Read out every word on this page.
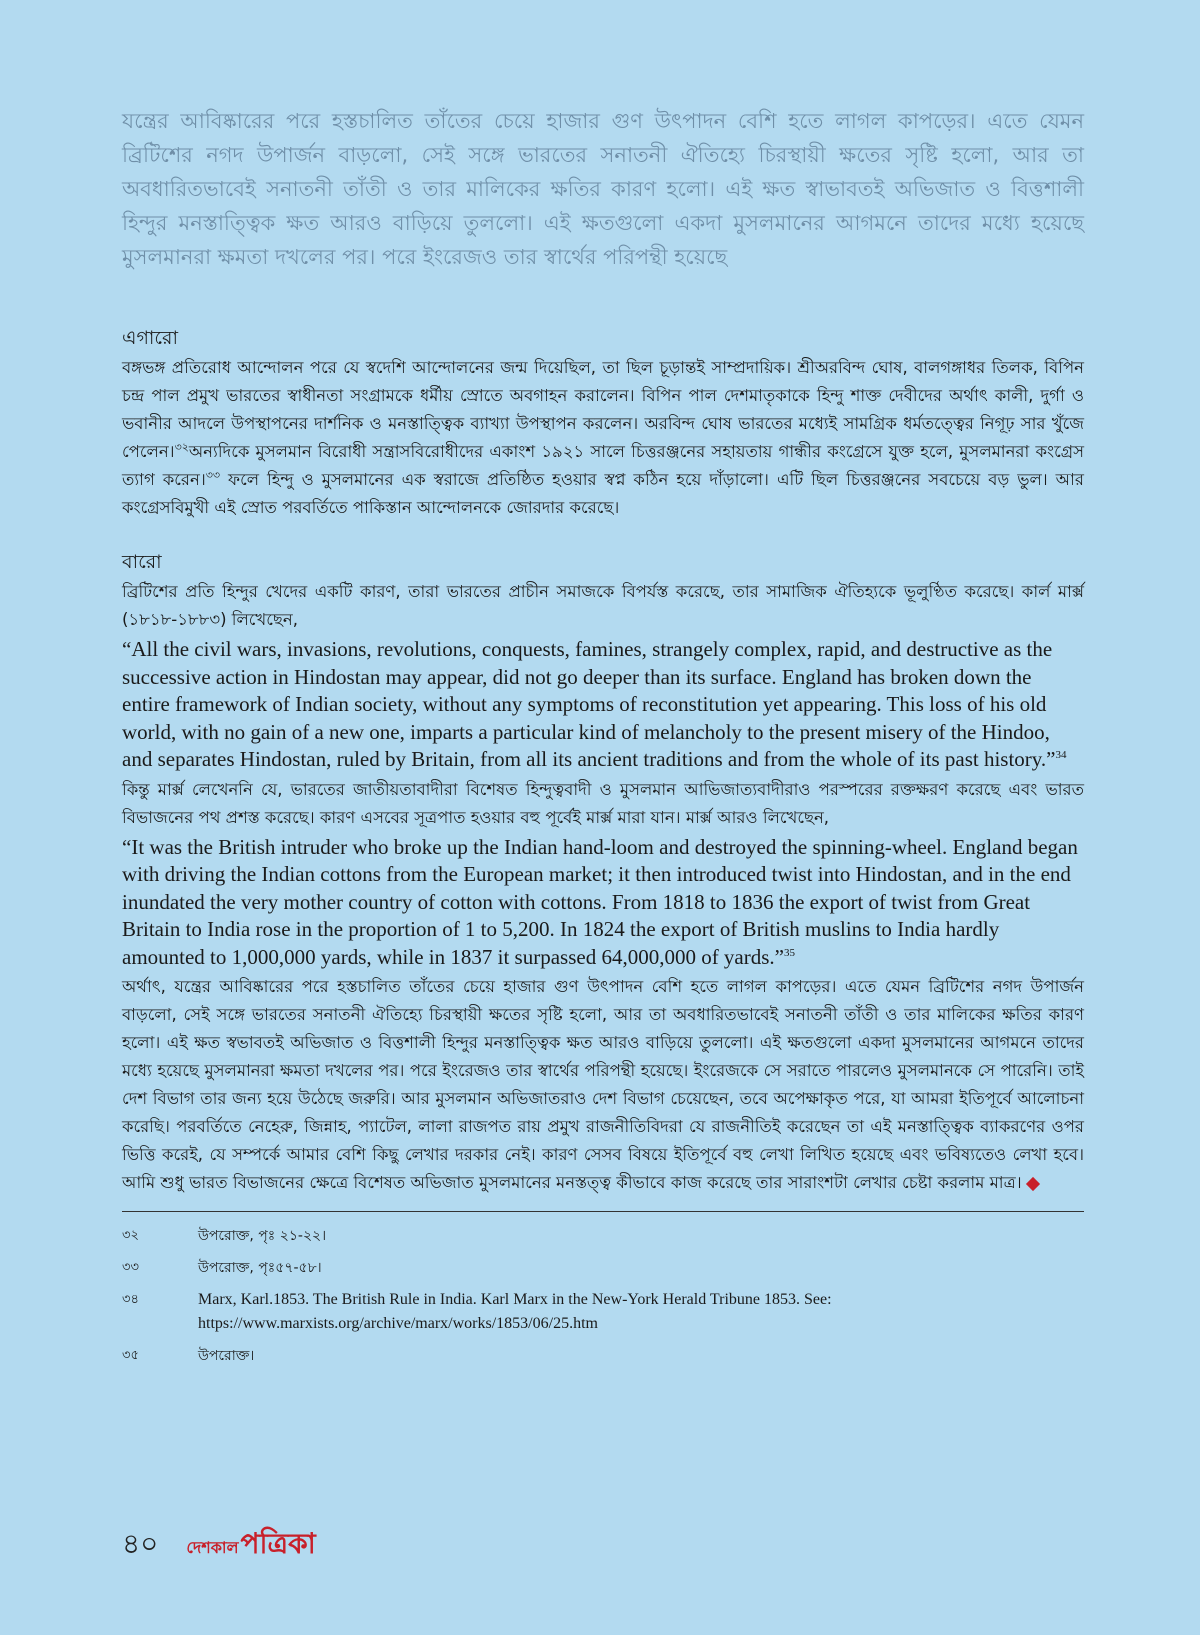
যন্ত্রের আবিষ্কারের পরে হস্তচালিত তাঁতের চেয়ে হাজার গুণ উৎপাদন বেশি হতে লাগল কাপড়ের। এতে যেমন ব্রিটিশের নগদ উপার্জন বাড়লো, সেই সঙ্গে ভারতের সনাতনী ঐতিহ্যে চিরস্থায়ী ক্ষতের সৃষ্টি হলো, আর তা অবধারিতভাবেই সনাতনী তাঁতী ও তার মালিকের ক্ষতির কারণ হলো। এই ক্ষত স্বাভাবতই অভিজাত ও বিত্তশালী হিন্দুর মনস্তাত্ত্বিক ক্ষত আরও বাড়িয়ে তুললো। এই ক্ষতগুলো একদা মুসলমানের আগমনে তাদের মধ্যে হয়েছে মুসলমানরা ক্ষমতা দখলের পর। পরে ইংরেজও তার স্বার্থের পরিপন্থী হয়েছে

এগারো

বঙ্গভঙ্গ প্রতিরোধ আন্দোলন পরে যে স্বদেশি আন্দোলনের জন্ম দিয়েছিল, তা ছিল চূড়ান্তই সাম্প্রদায়িক। শ্রীঅরবিন্দ ঘোষ, বালগঙ্গাধর তিলক, বিপিন চন্দ্র পাল প্রমুখ ভারতের স্বাধীনতা সংগ্রামকে ধর্মীয় স্রোতে অবগাহন করালেন। বিপিন পাল দেশমাতৃকাকে হিন্দু শাক্ত দেবীদের অর্থাৎ কালী, দুর্গা ও ভবানীর আদলে উপস্থাপনের দার্শনিক ও মনস্তাত্ত্বিক ব্যাখ্যা উপস্থাপন করলেন। অরবিন্দ ঘোষ ভারতের মধ্যেই সামগ্রিক ধর্মতত্ত্বের নিগূঢ় সার খুঁজে পেলেন।$^{৩২}$অন্যদিকে মুসলমান বিরোধী সন্ত্রাসবিরোধীদের একাংশ ১৯২১ সালে চিত্তরঞ্জনের সহায়তায় গান্ধীর কংগ্রেসে যুক্ত হলে, মুসলমানরা কংগ্রেস ত্যাগ করেন।$^{৩৩}$ ফলে হিন্দু ও মুসলমানের এক স্বরাজে প্রতিষ্ঠিত হওয়ার স্বপ্ন কঠিন হয়ে দাঁড়ালো। এটি ছিল চিত্তরঞ্জনের সবচেয়ে বড় ভুল। আর কংগ্রেসবিমুখী এই স্রোত পরবর্তিতে পাকিস্তান আন্দোলনকে জোরদার করেছে।

বারো

ব্রিটিশের প্রতি হিন্দুর খেদের একটি কারণ, তারা ভারতের প্রাচীন সমাজকে বিপর্যস্ত করেছে, তার সামাজিক ঐতিহ্যকে ভূলুণ্ঠিত করেছে। কার্ল মার্ক্স (১৮১৮-১৮৮৩) লিখেছেন,

“All the civil wars, invasions, revolutions, conquests, famines, strangely complex, rapid, and destructive as the successive action in Hindostan may appear, did not go deeper than its surface. England has broken down the entire framework of Indian society, without any symptoms of reconstitution yet appearing. This loss of his old world, with no gain of a new one, imparts a particular kind of melancholy to the present misery of the Hindoo, and separates Hindostan, ruled by Britain, from all its ancient traditions and from the whole of its past history.”$^{34}$

কিন্তু মার্ক্স লেখেননি যে, ভারতের জাতীয়তাবাদীরা বিশেষত হিন্দুত্ববাদী ও মুসলমান আভিজাত্যবাদীরাও পরস্পরের রক্তক্ষরণ করেছে এবং ভারত বিভাজনের পথ প্রশস্ত করেছে। কারণ এসবের সূত্রপাত হওয়ার বহু পূর্বেই মার্ক্স মারা যান। মার্ক্স আরও লিখেছেন,

“It was the British intruder who broke up the Indian hand-loom and destroyed the spinning-wheel. England began with driving the Indian cottons from the European market; it then introduced twist into Hindostan, and in the end inundated the very mother country of cotton with cottons. From 1818 to 1836 the export of twist from Great Britain to India rose in the proportion of 1 to 5,200. In 1824 the export of British muslins to India hardly amounted to 1,000,000 yards, while in 1837 it surpassed 64,000,000 of yards.”$^{35}$

অর্থাৎ, যন্ত্রের আবিষ্কারের পরে হস্তচালিত তাঁতের চেয়ে হাজার গুণ উৎপাদন বেশি হতে লাগল কাপড়ের। এতে যেমন ব্রিটিশের নগদ উপার্জন বাড়লো, সেই সঙ্গে ভারতের সনাতনী ঐতিহ্যে চিরস্থায়ী ক্ষতের সৃষ্টি হলো, আর তা অবধারিতভাবেই সনাতনী তাঁতী ও তার মালিকের ক্ষতির কারণ হলো। এই ক্ষত স্বভাবতই অভিজাত ও বিত্তশালী হিন্দুর মনস্তাত্ত্বিক ক্ষত আরও বাড়িয়ে তুললো। এই ক্ষতগুলো একদা মুসলমানের আগমনে তাদের মধ্যে হয়েছে মুসলমানরা ক্ষমতা দখলের পর। পরে ইংরেজও তার স্বার্থের পরিপন্থী হয়েছে। ইংরেজকে সে সরাতে পারলেও মুসলমানকে সে পারেনি। তাই দেশ বিভাগ তার জন্য হয়ে উঠেছে জরুরি। আর মুসলমান অভিজাতরাও দেশ বিভাগ চেয়েছেন, তবে অপেক্ষাকৃত পরে, যা আমরা ইতিপূর্বে আলোচনা করেছি। পরবর্তিতে নেহেরু, জিন্নাহ, প্যাটেল, লালা রাজপত রায় প্রমুখ রাজনীতিবিদরা যে রাজনীতিই করেছেন তা এই মনস্তাত্ত্বিক ব্যাকরণের ওপর ভিত্তি করেই, যে সম্পর্কে আমার বেশি কিছু লেখার দরকার নেই। কারণ সেসব বিষয়ে ইতিপূর্বে বহু লেখা লিখিত হয়েছে এবং ভবিষ্যতেও লেখা হবে। আমি শুধু ভারত বিভাজনের ক্ষেত্রে বিশেষত অভিজাত মুসলমানের মনস্তত্ত্ব কীভাবে কাজ করেছে তার সারাংশটা লেখার চেষ্টা করলাম মাত্র।

৩২	উপরোক্ত, পৃঃ ২১-২২।
৩৩	উপরোক্ত, পৃঃ৫৭-৫৮।
৩৪	Marx, Karl.1853. The British Rule in India. Karl Marx in the New-York Herald Tribune 1853. See: https://www.marxists.org/archive/marx/works/1853/06/25.htm
৩৫	উপরোক্ত।
৪০ দেশকাল পত্রিকা
